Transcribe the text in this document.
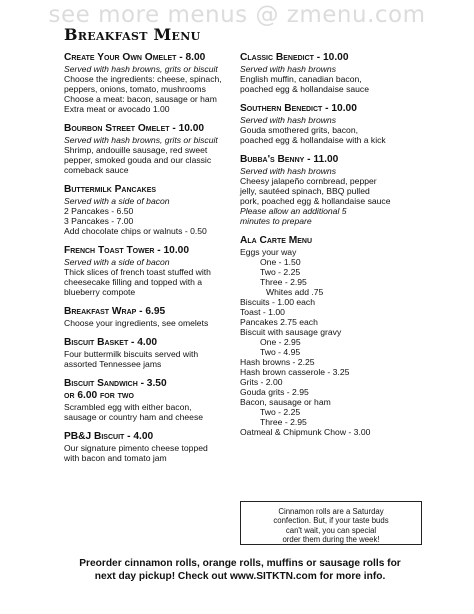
see more menus @ zmenu.com
Breakfast Menu
Create Your Own Omelet - 8.00
Served with hash browns, grits or biscuit
Choose the ingredients: cheese, spinach,
peppers, onions, tomato, mushrooms
Choose a meat: bacon, sausage or ham
Extra meat or avocado 1.00
Bourbon Street Omelet - 10.00
Served with hash browns, grits or biscuit
Shrimp, andouille sausage, red sweet
pepper, smoked gouda and our classic
comeback sauce
Buttermilk Pancakes
Served with a side of bacon
2 Pancakes - 6.50
3 Pancakes - 7.00
Add chocolate chips or walnuts - 0.50
French Toast Tower - 10.00
Served with a side of bacon
Thick slices of french toast stuffed with
cheesecake filling and topped with a
blueberry compote
Breakfast Wrap - 6.95
Choose your ingredients, see omelets
Biscuit Basket - 4.00
Four buttermilk biscuits served with
assorted Tennessee jams
Biscuit Sandwich - 3.50
or 6.00 for two
Scrambled egg with either bacon,
sausage or country ham and cheese
PB&J Biscuit - 4.00
Our signature pimento cheese topped
with bacon and tomato jam
Classic Benedict - 10.00
Served with hash browns
English muffin, canadian bacon,
poached egg & hollandaise sauce
Southern Benedict - 10.00
Served with hash browns
Gouda smothered grits, bacon,
poached egg & hollandaise with a kick
Bubba's Benny - 11.00
Served with hash browns
Cheesy jalapeño cornbread, pepper
jelly, sautéed spinach, BBQ pulled
pork, poached egg & hollandaise sauce
Please allow an additional 5
minutes to prepare
Ala Carte Menu
Eggs your way
One - 1.50
Two - 2.25
Three - 2.95
Whites add .75
Biscuits - 1.00 each
Toast - 1.00
Pancakes 2.75 each
Biscuit with sausage gravy
One - 2.95
Two - 4.95
Hash browns - 2.25
Hash brown casserole - 3.25
Grits - 2.00
Gouda grits - 2.95
Bacon, sausage or ham
Two - 2.25
Three - 2.95
Oatmeal & Chipmunk Chow - 3.00
Cinnamon rolls are a Saturday
confection. But, if your taste buds
can't wait, you can special
order them during the week!
Preorder cinnamon rolls, orange rolls, muffins or sausage rolls for
next day pickup! Check out www.SITKTN.com for more info.
